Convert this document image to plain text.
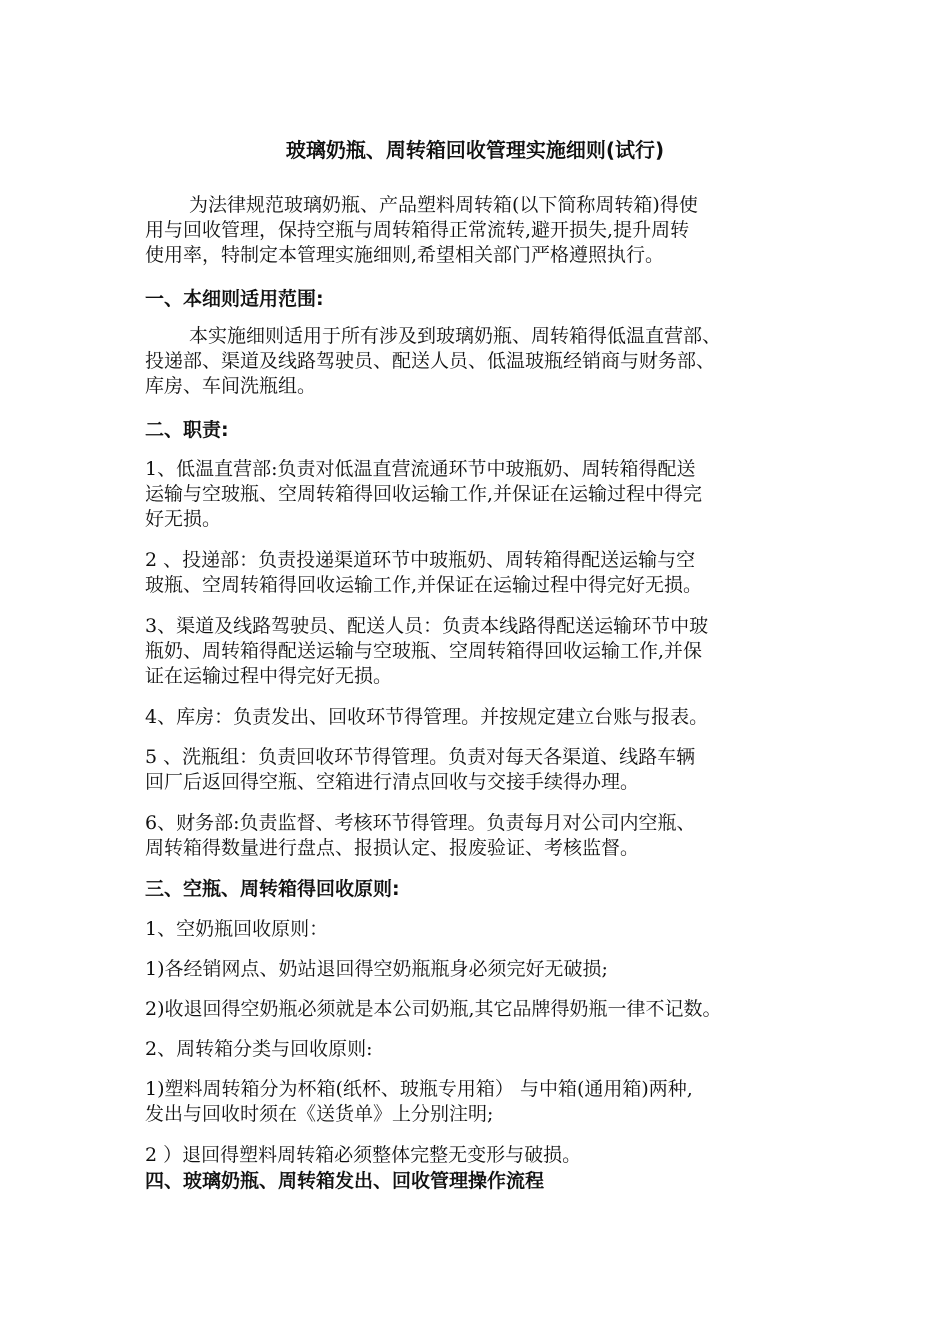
玻璃奶瓶、周转箱回收管理实施细则(试行)
为法律规范玻璃奶瓶、产品塑料周转箱(以下简称周转箱)得使
用与回收管理，保持空瓶与周转箱得正常流转,避开损失,提升周转
使用率，特制定本管理实施细则,希望相关部门严格遵照执行。
一、本细则适用范围:
本实施细则适用于所有涉及到玻璃奶瓶、周转箱得低温直营部、
投递部、渠道及线路驾驶员、配送人员、低温玻瓶经销商与财务部、
库房、车间洗瓶组。
二、职责:
1、低温直营部:负责对低温直营流通环节中玻瓶奶、周转箱得配送
运输与空玻瓶、空周转箱得回收运输工作,并保证在运输过程中得完
好无损。
2 、投递部：负责投递渠道环节中玻瓶奶、周转箱得配送运输与空
玻瓶、空周转箱得回收运输工作,并保证在运输过程中得完好无损。
3、渠道及线路驾驶员、配送人员：负责本线路得配送运输环节中玻
瓶奶、周转箱得配送运输与空玻瓶、空周转箱得回收运输工作,并保
证在运输过程中得完好无损。
4、库房：负责发出、回收环节得管理。并按规定建立台账与报表。
5 、洗瓶组：负责回收环节得管理。负责对每天各渠道、线路车辆
回厂后返回得空瓶、空箱进行清点回收与交接手续得办理。
6、财务部:负责监督、考核环节得管理。负责每月对公司内空瓶、
周转箱得数量进行盘点、报损认定、报废验证、考核监督。
三、空瓶、周转箱得回收原则:
1、空奶瓶回收原则：
1)各经销网点、奶站退回得空奶瓶瓶身必须完好无破损;
2)收退回得空奶瓶必须就是本公司奶瓶,其它品牌得奶瓶一律不记数。
2、周转箱分类与回收原则:
1)塑料周转箱分为杯箱(纸杯、玻瓶专用箱） 与中箱(通用箱)两种,
发出与回收时须在《送货单》上分别注明;
2 ）退回得塑料周转箱必须整体完整无变形与破损。
四、玻璃奶瓶、周转箱发出、回收管理操作流程
